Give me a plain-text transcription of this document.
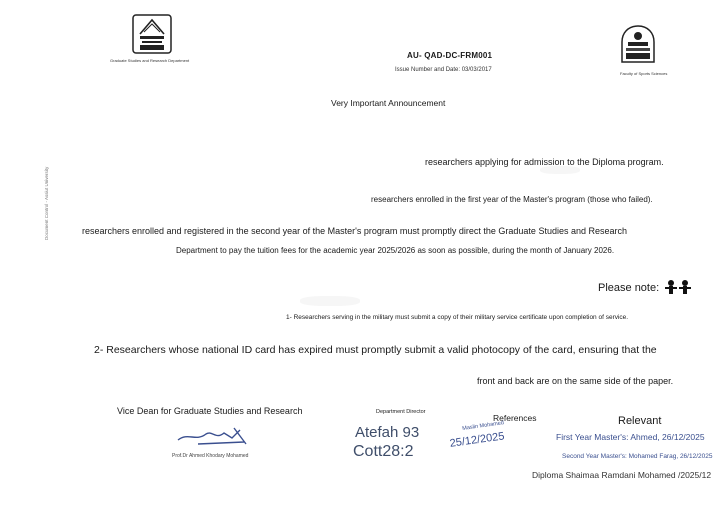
Graduate Studies and Research Department
Faculty of Sports Sciences
AU- QAD-DC-FRM001
Issue Number and Date: 03/03/2017
Very Important Announcement
researchers applying for admission to the Diploma program.
researchers enrolled in the first year of the Master's program (those who failed).
researchers enrolled and registered in the second year of the Master's program must promptly direct the Graduate Studies and Research
Department to pay the tuition fees for the academic year 2025/2026 as soon as possible, during the month of January 2026.
Document Control - Assiut University
Please note:
1- Researchers serving in the military must submit a copy of their military service certificate upon completion of service.
2- Researchers whose national ID card has expired must promptly submit a valid photocopy of the card, ensuring that the
front and back are on the same side of the paper.
Vice Dean for Graduate Studies and Research
Prof.Dr Ahmed Khodary Mohamed
Department Director
Atefah 93
Cott28:2
References
Maslin Mohamed
25/12/2025
Relevant
First Year Master's: Ahmed, 26/12/2025
Second Year Master's: Mohamed Farag, 26/12/2025
Diploma Shaimaa Ramdani Mohamed /2025/12
